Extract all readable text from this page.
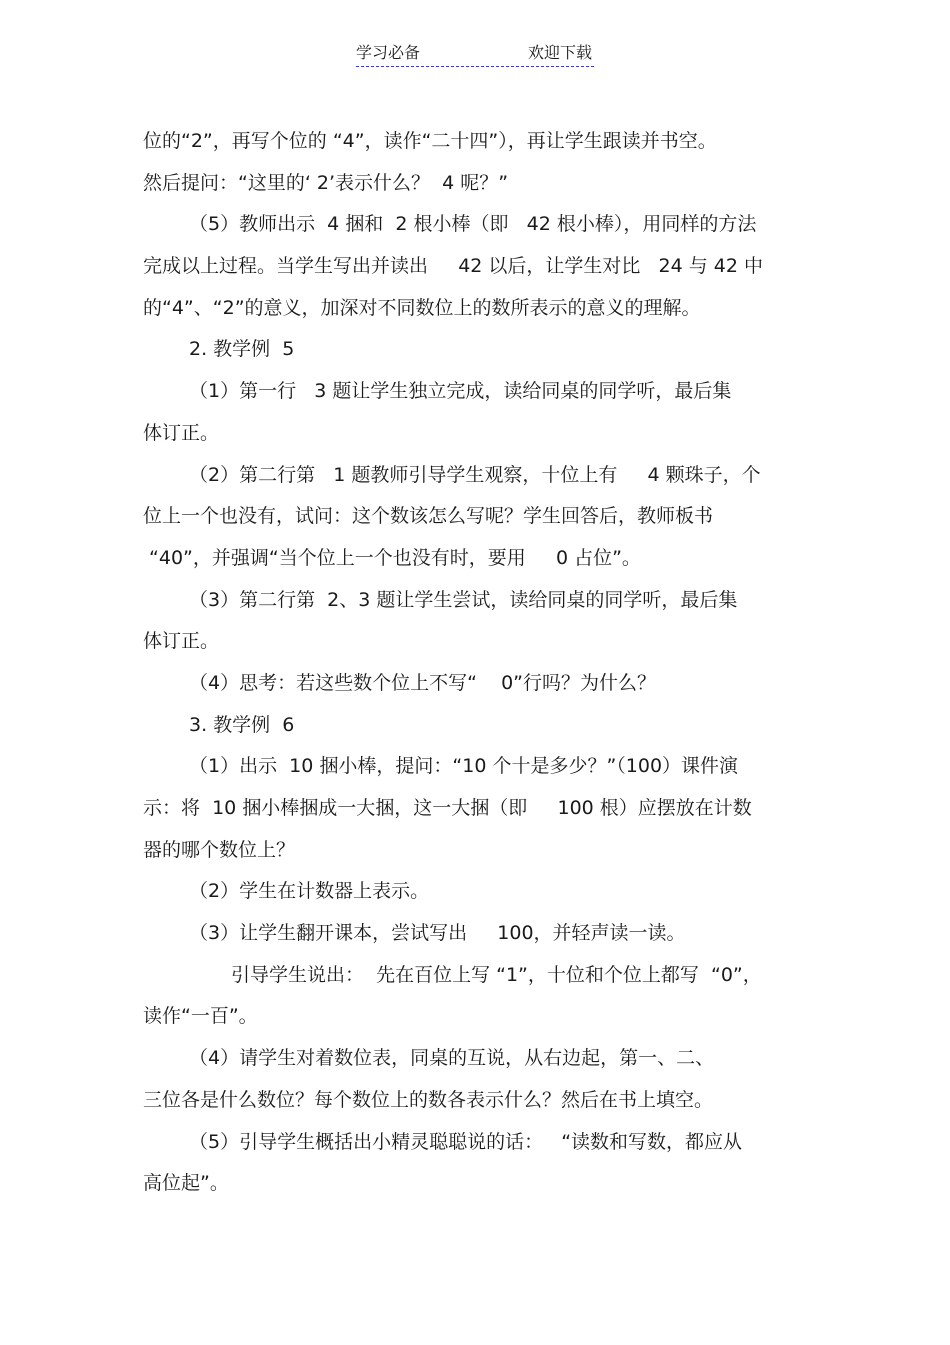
学习必备	欢迎下载
位的“2”，再写个位的 “4”，读作“二十四”），再让学生跟读并书空。
然后提问：“这里的‘ 2’表示什么？  4 呢？”
（5）教师出示  4 捆和  2 根小棒（即   42 根小棒），用同样的方法
完成以上过程。当学生写出并读出     42 以后，让学生对比   24 与 42 中
的“4”、“2”的意义，加深对不同数位上的数所表示的意义的理解。
2. 教学例  5
（1）第一行   3 题让学生独立完成，读给同桌的同学听，最后集
体订正。
（2）第二行第   1 题教师引导学生观察，十位上有     4 颗珠子，个
位上一个也没有，试问：这个数该怎么写呢？学生回答后，教师板书
“40”，并强调“当个位上一个也没有时，要用     0 占位”。
（3）第二行第  2、3 题让学生尝试，读给同桌的同学听，最后集
体订正。
（4）思考：若这些数个位上不写“    0”行吗？为什么？
3. 教学例  6
（1）出示  10 捆小棒，提问：“10 个十是多少？”（100）课件演
示：将  10 捆小棒捆成一大捆，这一大捆（即     100 根）应摆放在计数
器的哪个数位上？
（2）学生在计数器上表示。
（3）让学生翻开课本，尝试写出     100，并轻声读一读。
引导学生说出：  先在百位上写 “1”，十位和个位上都写  “0”，
读作“一百”。
（4）请学生对着数位表，同桌的互说，从右边起，第一、二、
三位各是什么数位？每个数位上的数各表示什么？然后在书上填空。
（5）引导学生概括出小精灵聪聪说的话：   “读数和写数，都应从
高位起”。
